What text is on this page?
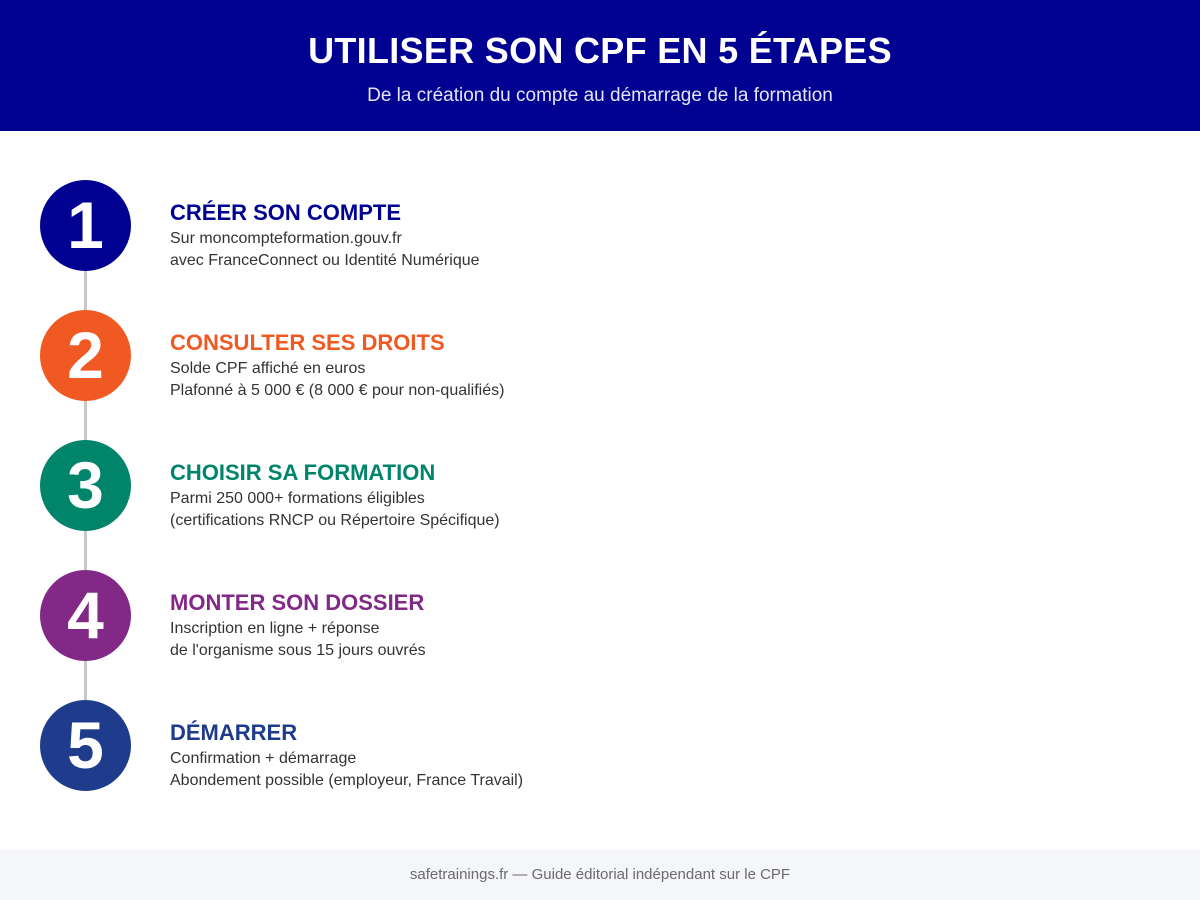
UTILISER SON CPF EN 5 ÉTAPES
De la création du compte au démarrage de la formation
1	CRÉER SON COMPTE
Sur moncompteformation.gouv.fr
avec FranceConnect ou Identité Numérique
2	CONSULTER SES DROITS
Solde CPF affiché en euros
Plafonné à 5 000 € (8 000 € pour non-qualifiés)
3	CHOISIR SA FORMATION
Parmi 250 000+ formations éligibles
(certifications RNCP ou Répertoire Spécifique)
4	MONTER SON DOSSIER
Inscription en ligne + réponse
de l'organisme sous 15 jours ouvrés
5	DÉMARRER
Confirmation + démarrage
Abondement possible (employeur, France Travail)
safetrainings.fr — Guide éditorial indépendant sur le CPF
